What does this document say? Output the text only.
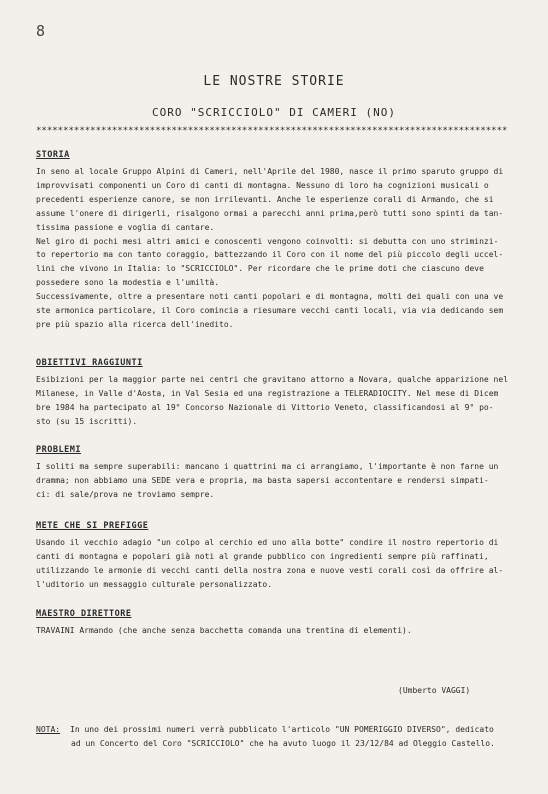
8
LE NOSTRE STORIE
CORO "SCRICCIOLO" DI CAMERI (NO)
***************************************************************************************
STORIA
In seno al locale Gruppo Alpini di Cameri, nell'Aprile del 1980, nasce il primo sparuto gruppo di
improvvisati componenti un Coro di canti di montagna. Nessuno di loro ha cognizioni musicali o
precedenti esperienze canore, se non irrilevanti. Anche le esperienze corali di Armando, che si
assume l'onere di dirigerli, risalgono ormai a parecchi anni prima,però tutti sono spinti da tan-
tissima passione e voglia di cantare.
Nel giro di pochi mesi altri amici e conoscenti vengono coinvolti: si debutta con uno striminzi-
to repertorio ma con tanto coraggio, battezzando il Coro con il nome del più piccolo degli uccel-
lini che vivono in Italia: lo "SCRICCIOLO". Per ricordare che le prime doti che ciascuno deve
possedere sono la modestia e l'umiltà.
Successivamente, oltre a presentare noti canti popolari e di montagna, molti dei quali con una ve
ste armonica particolare, il Coro comincia a riesumare vecchi canti locali, via via dedicando sem
pre più spazio alla ricerca dell'inedito.
OBIETTIVI RAGGIUNTI
Esibizioni per la maggior parte nei centri che gravitano attorno a Novara, qualche apparizione nel
Milanese, in Valle d'Aosta, in Val Sesia ed una registrazione a TELERADIOCITY. Nel mese di Dicem
bre 1984 ha partecipato al 19° Concorso Nazionale di Vittorio Veneto, classificandosi al 9° po-
sto (su 15 iscritti).
PROBLEMI
I soliti ma sempre superabili: mancano i quattrini ma ci arrangiamo, l'importante è non farne un
dramma; non abbiamo una SEDE vera e propria, ma basta sapersi accontentare e rendersi simpati-
ci: di sale/prova ne troviamo sempre.
METE CHE SI PREFIGGE
Usando il vecchio adagio "un colpo al cerchio ed uno alla botte" condire il nostro repertorio di
canti di montagna e popolari già noti al grande pubblico con ingredienti sempre più raffinati,
utilizzando le armonie di vecchi canti della nostra zona e nuove vesti corali così da offrire al-
l'uditorio un messaggio culturale personalizzato.
MAESTRO DIRETTORE
TRAVAINI Armando (che anche senza bacchetta comanda una trentina di elementi).
(Umberto VAGGI)
NOTA: In uno dei prossimi numeri verrà pubblicato l'articolo "UN POMERIGGIO DIVERSO", dedicato
ad un Concerto del Coro "SCRICCIOLO" che ha avuto luogo il 23/12/84 ad Oleggio Castello.
